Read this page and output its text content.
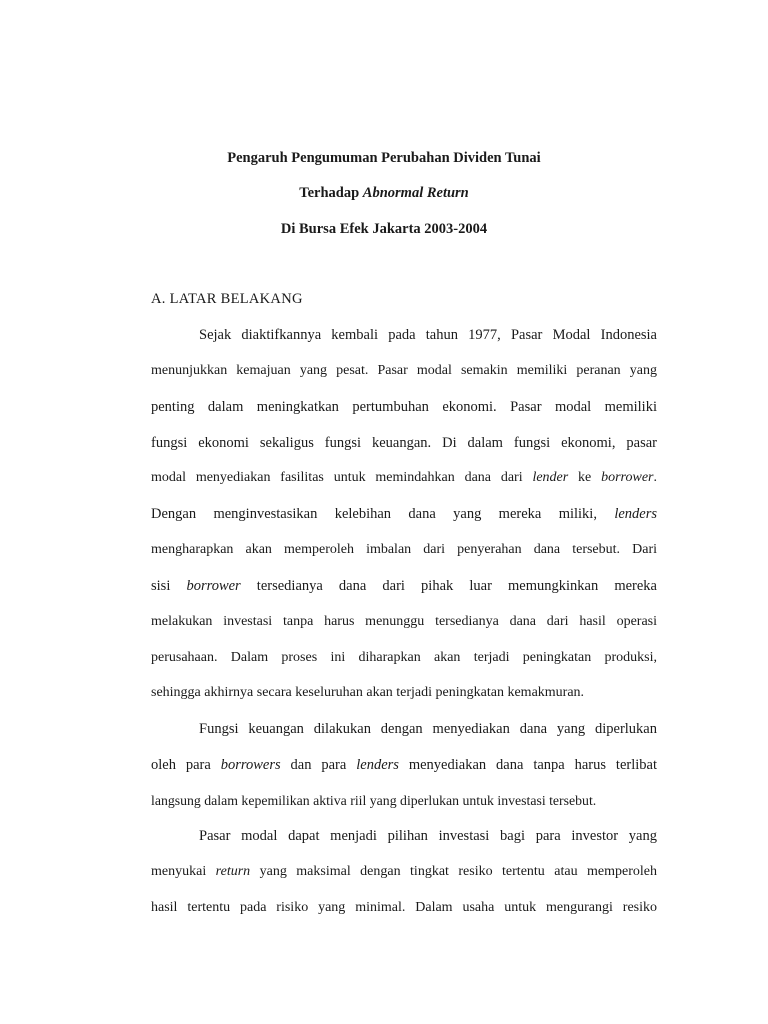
Pengaruh Pengumuman Perubahan Dividen Tunai
Terhadap Abnormal Return
Di Bursa Efek Jakarta 2003-2004
A. LATAR BELAKANG
Sejak diaktifkannya kembali pada tahun 1977, Pasar Modal Indonesia
menunjukkan kemajuan yang pesat. Pasar modal semakin memiliki peranan yang
penting dalam meningkatkan pertumbuhan ekonomi. Pasar modal memiliki
fungsi ekonomi sekaligus fungsi keuangan. Di dalam fungsi ekonomi, pasar
modal menyediakan fasilitas untuk memindahkan dana dari lender ke borrower.
Dengan menginvestasikan kelebihan dana yang mereka miliki, lenders
mengharapkan akan memperoleh imbalan dari penyerahan dana tersebut. Dari
sisi borrower tersedianya dana dari pihak luar memungkinkan mereka
melakukan investasi tanpa harus menunggu tersedianya dana dari hasil operasi
perusahaan. Dalam proses ini diharapkan akan terjadi peningkatan produksi,
sehingga akhirnya secara keseluruhan akan terjadi peningkatan kemakmuran.
Fungsi keuangan dilakukan dengan menyediakan dana yang diperlukan
oleh para borrowers dan para lenders menyediakan dana tanpa harus terlibat
langsung dalam kepemilikan aktiva riil yang diperlukan untuk investasi tersebut.
Pasar modal dapat menjadi pilihan investasi bagi para investor yang
menyukai return yang maksimal dengan tingkat resiko tertentu atau memperoleh
hasil tertentu pada risiko yang minimal. Dalam usaha untuk mengurangi resiko
